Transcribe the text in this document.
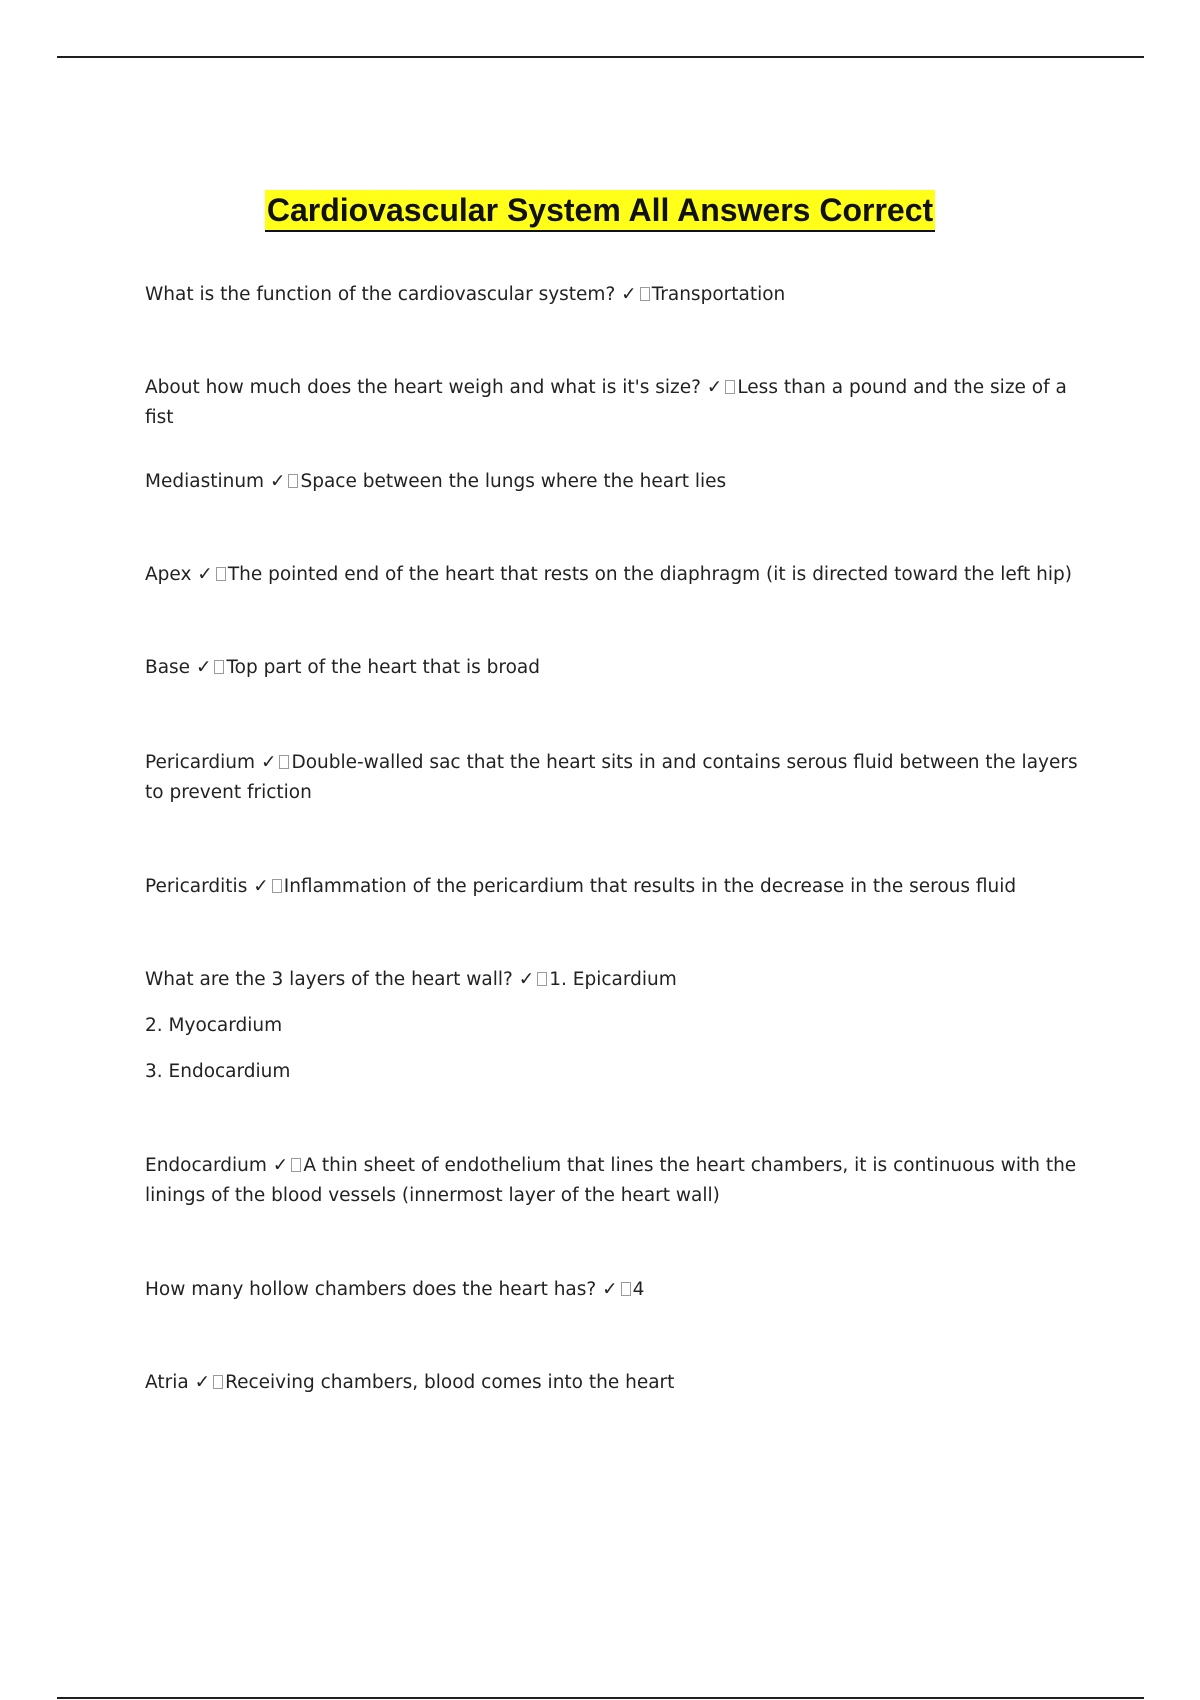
Cardiovascular System All Answers Correct

What is the function of the cardiovascular system? ✓ Transportation

About how much does the heart weigh and what is it's size? ✓ Less than a pound and the size of a fist

Mediastinum ✓ Space between the lungs where the heart lies

Apex ✓ The pointed end of the heart that rests on the diaphragm (it is directed toward the left hip)

Base ✓ Top part of the heart that is broad

Pericardium ✓ Double-walled sac that the heart sits in and contains serous fluid between the layers to prevent friction

Pericarditis ✓ Inflammation of the pericardium that results in the decrease in the serous fluid

What are the 3 layers of the heart wall? ✓ 1. Epicardium

2. Myocardium

3. Endocardium

Endocardium ✓ A thin sheet of endothelium that lines the heart chambers, it is continuous with the linings of the blood vessels (innermost layer of the heart wall)

How many hollow chambers does the heart has? ✓ 4

Atria ✓ Receiving chambers, blood comes into the heart
